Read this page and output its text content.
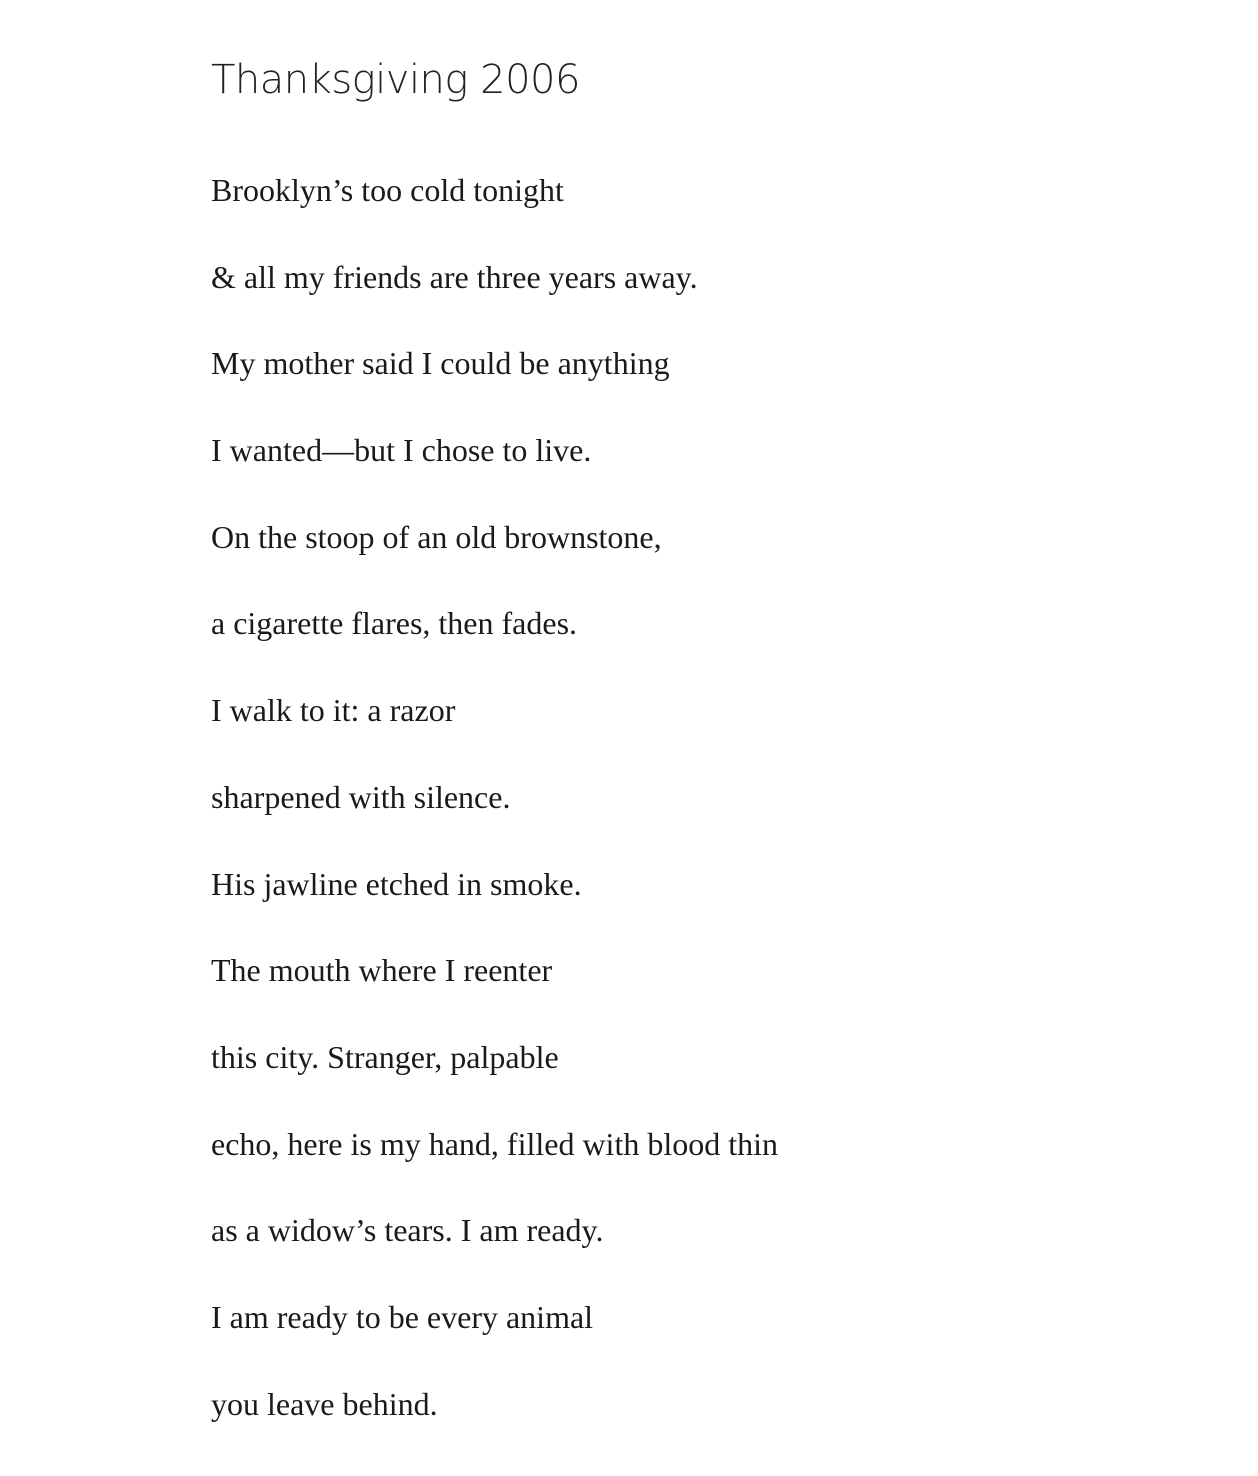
Thanksgiving 2006
Brooklyn’s too cold tonight
& all my friends are three years away.
My mother said I could be anything
I wanted—but I chose to live.
On the stoop of an old brownstone,
a cigarette flares, then fades.
I walk to it: a razor
sharpened with silence.
His jawline etched in smoke.
The mouth where I reenter
this city. Stranger, palpable
echo, here is my hand, filled with blood thin
as a widow’s tears. I am ready.
I am ready to be every animal
you leave behind.
